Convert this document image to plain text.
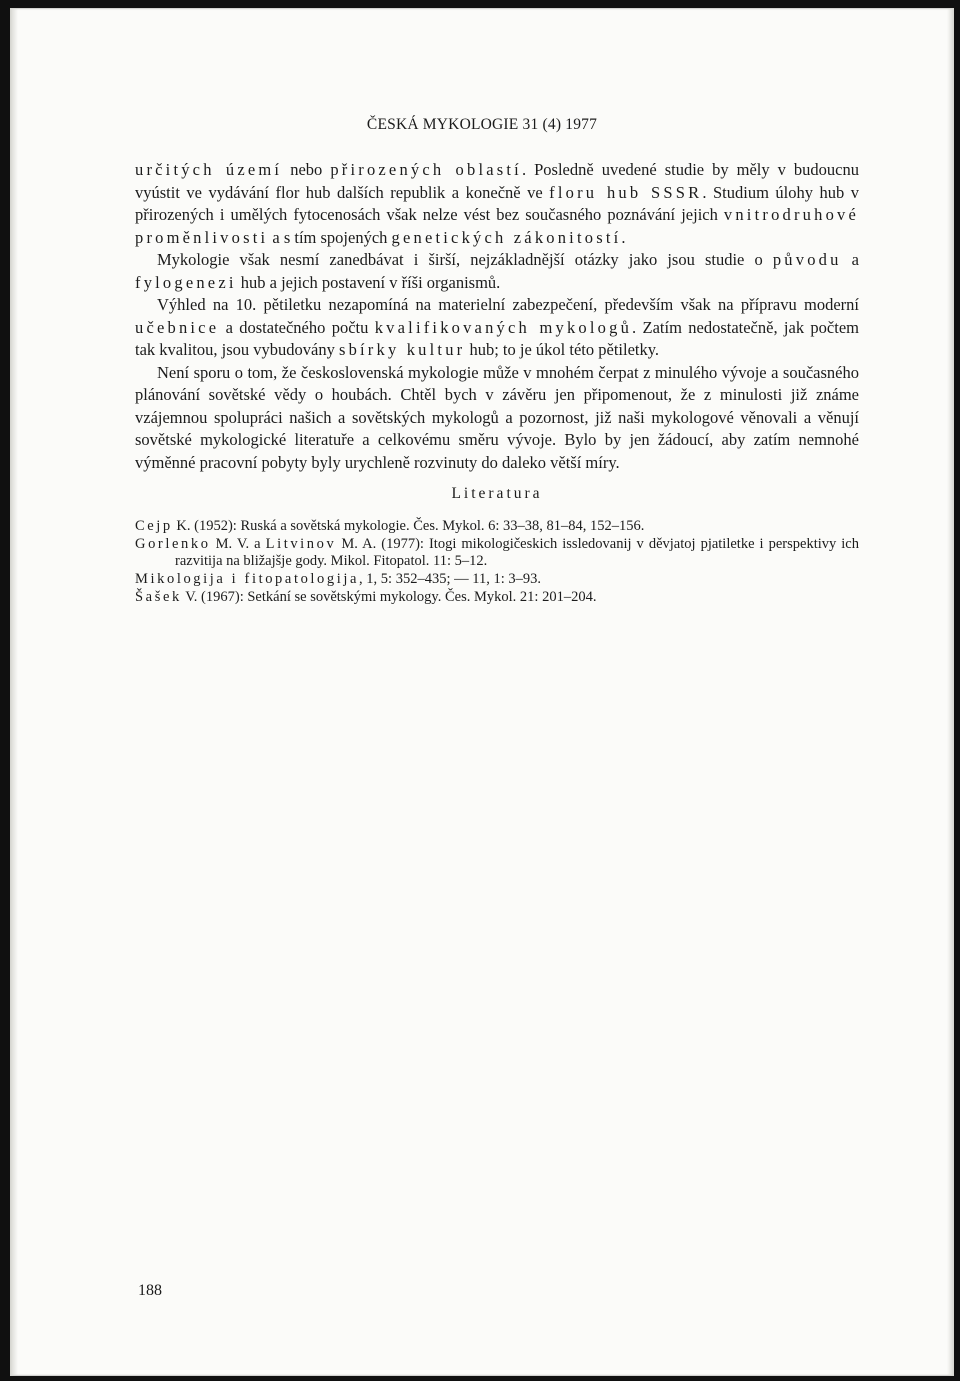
ČESKÁ MYKOLOGIE 31 (4) 1977

určitých území nebo přirozených oblastí. Posledně uvedené studie by měly v budoucnu vyústit ve vydávání flor hub dalších republik a konečně ve floru hub SSSR. Studium úlohy hub v přirozených i umělých fytocenosách však nelze vést bez současného poznávání jejich vnitrodruhové proměnlivosti a s tím spojených genetických zákonitostí.

Mykologie však nesmí zanedbávat i širší, nejzákladnější otázky jako jsou studie o původu a fylogenezi hub a jejich postavení v říši organismů.

Výhled na 10. pětiletku nezapomíná na materielní zabezpečení, především však na přípravu moderní učebnice a dostatečného počtu kvalifikovaných mykologů. Zatím nedostatečně, jak počtem tak kvalitou, jsou vybudovány sbírky kultur hub; to je úkol této pětiletky.

Není sporu o tom, že československá mykologie může v mnohém čerpat z minulého vývoje a současného plánování sovětské vědy o houbách. Chtěl bych v závěru jen připomenout, že z minulosti již známe vzájemnou spolupráci našich a sovětských mykologů a pozornost, již naši mykologové věnovali a věnují sovětské mykologické literatuře a celkovému směru vývoje. Bylo by jen žádoucí, aby zatím nemnohé výměnné pracovní pobyty byly urychleně rozvinuty do daleko větší míry.

Literatura
Cejp K. (1952): Ruská a sovětská mykologie. Čes. Mykol. 6: 33–38, 81–84, 152–156.
Gorlenko M. V. a Litvinov M. A. (1977): Itogi mikologičeskich issledovanij v děvjatoj pjatiletke i perspektivy ich razvitija na bližajšje gody. Mikol. Fitopatol. 11: 5–12.
Mikologija i fitopatologija, 1, 5: 352–435; — 11, 1: 3–93.
Šašek V. (1967): Setkání se sovětskými mykology. Čes. Mykol. 21: 201–204.
188
